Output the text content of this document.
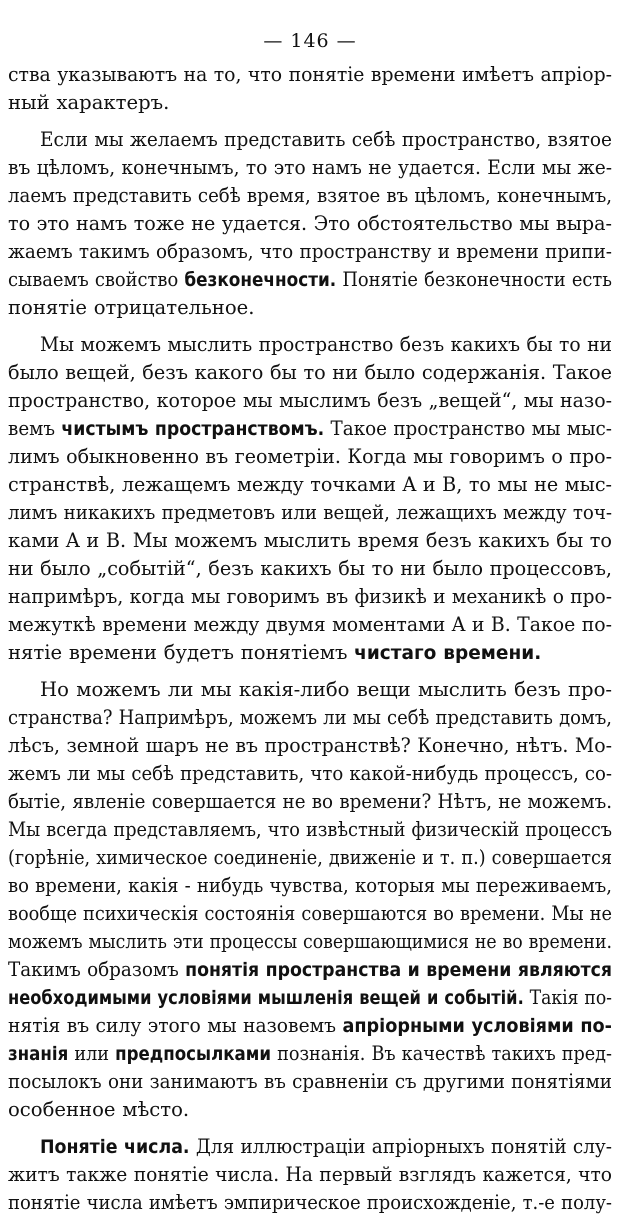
— 146 —
ства указываютъ на то, что понятіе времени имѣетъ апріор-
ный характеръ.
Если мы желаемъ представить себѣ пространство, взятое
въ цѣломъ, конечнымъ, то это намъ не удается. Если мы же-
лаемъ представить себѣ время, взятое въ цѣломъ, конечнымъ,
то это намъ тоже не удается. Это обстоятельство мы выра-
жаемъ такимъ образомъ, что пространству и времени припи-
сываемъ свойство безконечности. Понятіе безконечности есть
понятіе отрицательное.
Мы можемъ мыслить пространство безъ какихъ бы то ни
было вещей, безъ какого бы то ни было содержанія. Такое
пространство, которое мы мыслимъ безъ „вещей“, мы назо-
вемъ чистымъ пространствомъ. Такое пространство мы мыс-
лимъ обыкновенно въ геометріи. Когда мы говоримъ о про-
странствѣ, лежащемъ между точками A и B, то мы не мыс-
лимъ никакихъ предметовъ или вещей, лежащихъ между точ-
ками A и B. Мы можемъ мыслить время безъ какихъ бы то
ни было „событій“, безъ какихъ бы то ни было процессовъ,
напримѣръ, когда мы говоримъ въ физикѣ и механикѣ о про-
межуткѣ времени между двумя моментами A и B. Такое по-
нятіе времени будетъ понятіемъ чистаго времени.
Но можемъ ли мы какія-либо вещи мыслить безъ про-
странства? Напримѣръ, можемъ ли мы себѣ представить домъ,
лѣсъ, земной шаръ не въ пространствѣ? Конечно, нѣтъ. Мо-
жемъ ли мы себѣ представить, что какой-нибудь процессъ, со-
бытіе, явленіе совершается не во времени? Нѣтъ, не можемъ.
Мы всегда представляемъ, что извѣстный физическій процессъ
(горѣніе, химическое соединеніе, движеніе и т. п.) совершается
во времени, какія - нибудь чувства, которыя мы переживаемъ,
вообще психическія состоянія совершаются во времени. Мы не
можемъ мыслить эти процессы совершающимися не во времени.
Такимъ образомъ понятія пространства и времени являются
необходимыми условіями мышленія вещей и событій. Такія по-
нятія въ силу этого мы назовемъ апріорными условіями по-
знанія или предпосылками познанія. Въ качествѣ такихъ пред-
посылокъ они занимаютъ въ сравненіи съ другими понятіями
особенное мѣсто.
Понятіе числа. Для иллюстраціи апріорныхъ понятій слу-
житъ также понятіе числа. На первый взглядъ кажется, что
понятіе числа имѣетъ эмпирическое происхожденіе, т.-е полу-
